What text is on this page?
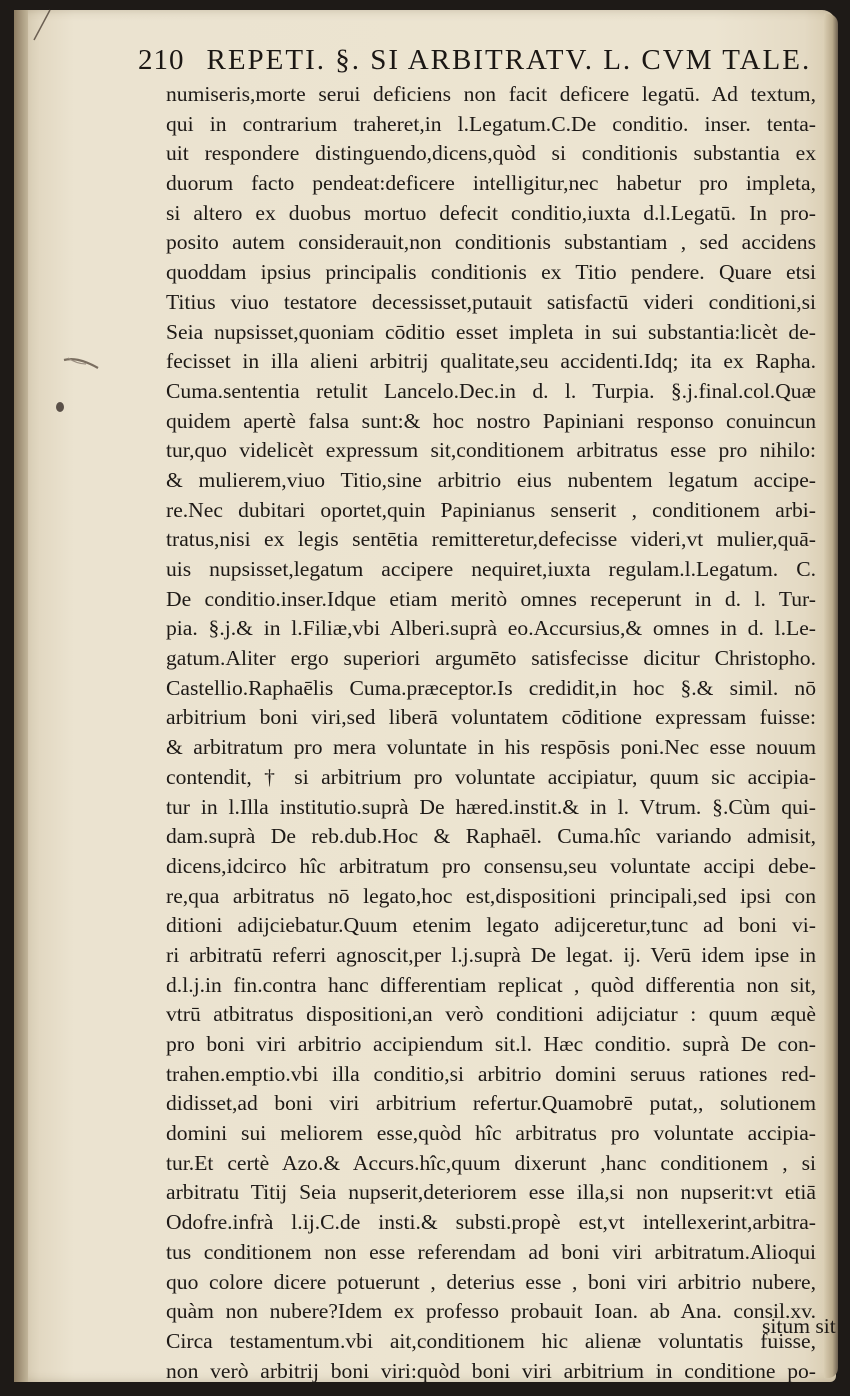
210 REPETI. §. SI ARBITRATV. L. CVM TALE.
numiseris,morte serui deficiens non facit deficere legatū. Ad textum,
qui in contrarium traheret,in l.Legatum.C.De conditio. inser. tenta-
uit respondere distinguendo,dicens,quòd si conditionis substantia ex
duorum facto pendeat:deficere intelligitur,nec habetur pro impleta,
si altero ex duobus mortuo defecit conditio,iuxta d.l.Legatū. In pro-
posito autem considerauit,non conditionis substantiam , sed accidens
quoddam ipsius principalis conditionis ex Titio pendere. Quare etsi
Titius viuo testatore decessisset,putauit satisfactū videri conditioni,si
Seia nupsisset,quoniam cōditio esset impleta in sui substantia:licèt de-
fecisset in illa alieni arbitrij qualitate,seu accidenti.Idq; ita ex Rapha.
Cuma.sententia retulit Lancelo.Dec.in d. l. Turpia. §.j.final.col.Quæ
quidem apertè falsa sunt:& hoc nostro Papiniani responso conuincun
tur,quo videlicèt expressum sit,conditionem arbitratus esse pro nihilo:
& mulierem,viuo Titio,sine arbitrio eius nubentem legatum accipe-
re.Nec dubitari oportet,quin Papinianus senserit , conditionem arbi-
tratus,nisi ex legis sentētia remitteretur,defecisse videri,vt mulier,quā-
uis nupsisset,legatum accipere nequiret,iuxta regulam.l.Legatum. C.
De conditio.inser.Idque etiam meritò omnes receperunt in d. l. Tur-
pia. §.j.& in l.Filiæ,vbi Alberi.suprà eo.Accursius,& omnes in d. l.Le-
gatum.Aliter ergo superiori argumēto satisfecisse dicitur Christopho.
Castellio.Raphaēlis Cuma.præceptor.Is credidit,in hoc §.& simil. nō
arbitrium boni viri,sed liberā voluntatem cōditione expressam fuisse:
& arbitratum pro mera voluntate in his respōsis poni.Nec esse nouum
contendit, † si arbitrium pro voluntate accipiatur, quum sic accipia-
tur in l.Illa institutio.suprà De hæred.instit.& in l. Vtrum. §.Cùm qui-
dam.suprà De reb.dub.Hoc & Raphaēl. Cuma.hîc variando admisit,
dicens,idcirco hîc arbitratum pro consensu,seu voluntate accipi debe-
re,qua arbitratus nō legato,hoc est,dispositioni principali,sed ipsi con
ditioni adijciebatur.Quum etenim legato adijceretur,tunc ad boni vi-
ri arbitratū referri agnoscit,per l.j.suprà De legat. ij. Verū idem ipse in
d.l.j.in fin.contra hanc differentiam replicat , quòd differentia non sit,
vtrū atbitratus dispositioni,an verò conditioni adijciatur : quum æquè
pro boni viri arbitrio accipiendum sit.l. Hæc conditio. suprà De con-
trahen.emptio.vbi illa conditio,si arbitrio domini seruus rationes red-
didisset,ad boni viri arbitrium refertur.Quamobrē putat,, solutionem
domini sui meliorem esse,quòd hîc arbitratus pro voluntate accipia-
tur.Et certè Azo.& Accurs.hîc,quum dixerunt ,hanc conditionem , si
arbitratu Titij Seia nupserit,deteriorem esse illa,si non nupserit:vt etiā
Odofre.infrà l.ij.C.de insti.& substi.propè est,vt intellexerint,arbitra-
tus conditionem non esse referendam ad boni viri arbitratum.Alioqui
quo colore dicere potuerunt , deterius esse , boni viri arbitrio nubere,
quàm non nubere?Idem ex professo probauit Ioan. ab Ana. consil.xv.
Circa testamentum.vbi ait,conditionem hic alienæ voluntatis fuisse,
non verò arbitrij boni viri:quòd boni viri arbitrium in conditione po-
situm sit
